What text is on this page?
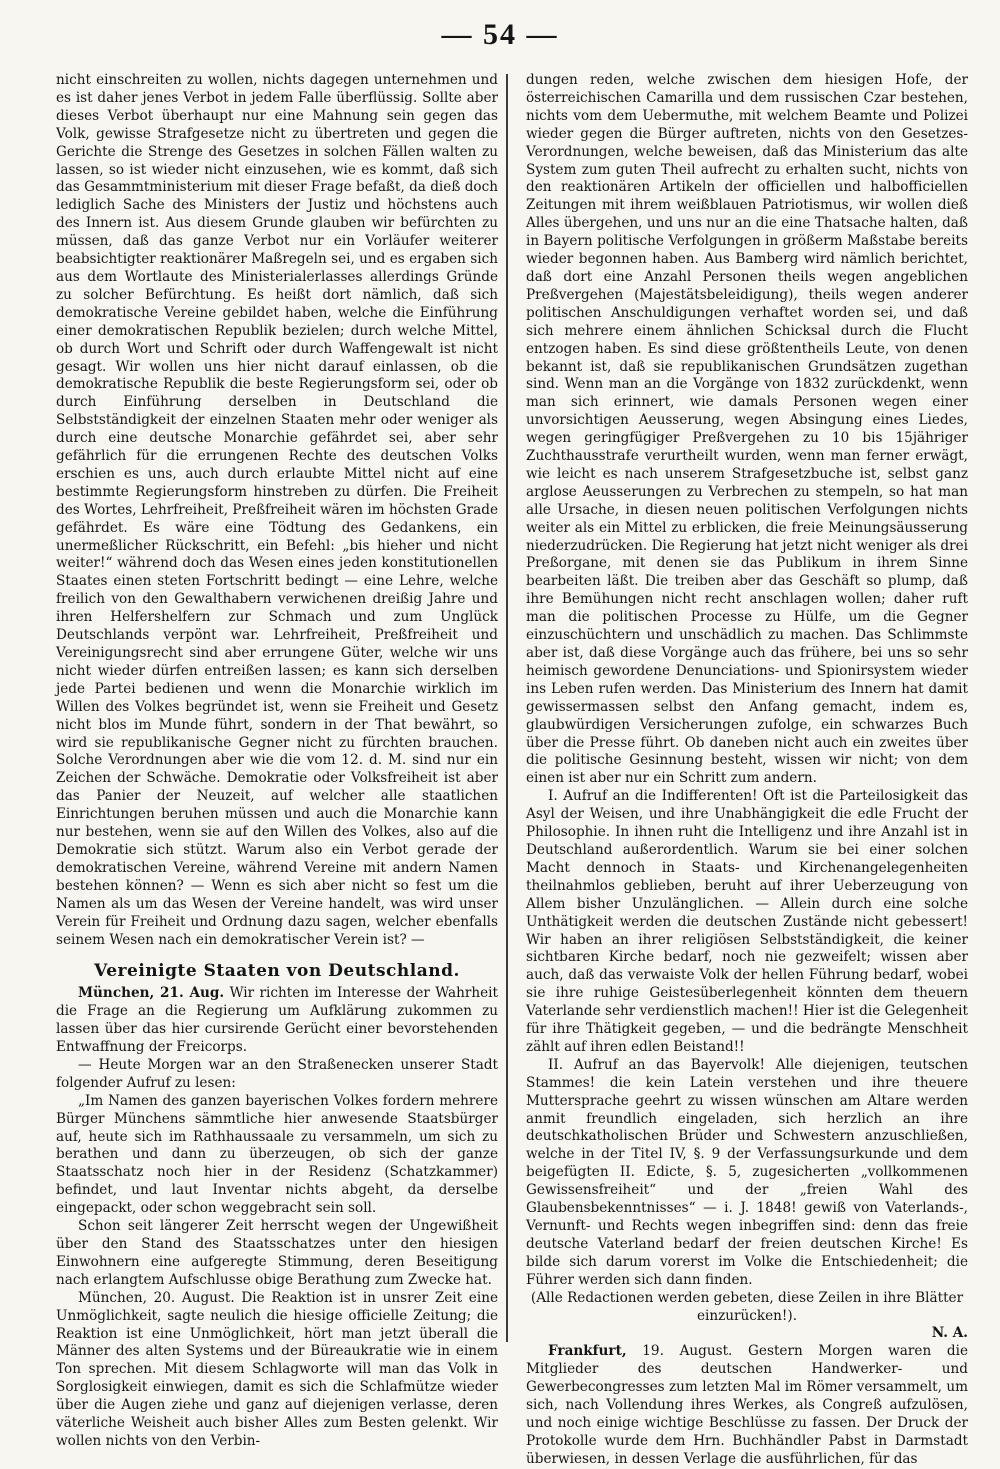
— 54 —

nicht einschreiten zu wollen, nichts dagegen unternehmen und es ist daher jenes Verbot in jedem Falle überflüssig. Sollte aber dieses Verbot überhaupt nur eine Mahnung sein gegen das Volk, gewisse Strafgesetze nicht zu übertreten und gegen die Gerichte die Strenge des Gesetzes in solchen Fällen walten zu lassen, so ist wieder nicht einzusehen, wie es kommt, daß sich das Gesammtministerium mit dieser Frage befaßt, da dieß doch lediglich Sache des Ministers der Justiz und höchstens auch des Innern ist. Aus diesem Grunde glauben wir befürchten zu müssen, daß das ganze Verbot nur ein Vorläufer weiterer beabsichtigter reaktionärer Maßregeln sei, und es ergaben sich aus dem Wortlaute des Ministerialerlasses allerdings Gründe zu solcher Befürchtung. Es heißt dort nämlich, daß sich demokratische Vereine gebildet haben, welche die Einführung einer demokratischen Republik bezielen; durch welche Mittel, ob durch Wort und Schrift oder durch Waffengewalt ist nicht gesagt. Wir wollen uns hier nicht darauf einlassen, ob die demokratische Republik die beste Regierungsform sei, oder ob durch Einführung derselben in Deutschland die Selbstständigkeit der einzelnen Staaten mehr oder weniger als durch eine deutsche Monarchie gefährdet sei, aber sehr gefährlich für die errungenen Rechte des deutschen Volks erschien es uns, auch durch erlaubte Mittel nicht auf eine bestimmte Regierungsform hinstreben zu dürfen. Die Freiheit des Wortes, Lehrfreiheit, Preßfreiheit wären im höchsten Grade gefährdet. Es wäre eine Tödtung des Gedankens, ein unermeßlicher Rückschritt, ein Befehl: „bis hieher und nicht weiter!“ während doch das Wesen eines jeden konstitutionellen Staates einen steten Fortschritt bedingt — eine Lehre, welche freilich von den Gewalthabern verwichenen dreißig Jahre und ihren Helfershelfern zur Schmach und zum Unglück Deutschlands verpönt war. Lehrfreiheit, Preßfreiheit und Vereinigungsrecht sind aber errungene Güter, welche wir uns nicht wieder dürfen entreißen lassen; es kann sich derselben jede Partei bedienen und wenn die Monarchie wirklich im Willen des Volkes begründet ist, wenn sie Freiheit und Gesetz nicht blos im Munde führt, sondern in der That bewährt, so wird sie republikanische Gegner nicht zu fürchten brauchen. Solche Verordnungen aber wie die vom 12. d. M. sind nur ein Zeichen der Schwäche. Demokratie oder Volksfreiheit ist aber das Panier der Neuzeit, auf welcher alle staatlichen Einrichtungen beruhen müssen und auch die Monarchie kann nur bestehen, wenn sie auf den Willen des Volkes, also auf die Demokratie sich stützt. Warum also ein Verbot gerade der demokratischen Vereine, während Vereine mit andern Namen bestehen können? — Wenn es sich aber nicht so fest um die Namen als um das Wesen der Vereine handelt, was wird unser Verein für Freiheit und Ordnung dazu sagen, welcher ebenfalls seinem Wesen nach ein demokratischer Verein ist? —

Vereinigte Staaten von Deutschland.

München, 21. Aug. Wir richten im Interesse der Wahrheit die Frage an die Regierung um Aufklärung zukommen zu lassen über das hier cursirende Gerücht einer bevorstehenden Entwaffnung der Freicorps.

— Heute Morgen war an den Straßenecken unserer Stadt folgender Aufruf zu lesen:

„Im Namen des ganzen bayerischen Volkes fordern mehrere Bürger Münchens sämmtliche hier anwesende Staatsbürger auf, heute sich im Rathhaussaale zu versammeln, um sich zu berathen und dann zu überzeugen, ob sich der ganze Staatsschatz noch hier in der Residenz (Schatzkammer) befindet, und laut Inventar nichts abgeht, da derselbe eingepackt, oder schon weggebracht sein soll.

Schon seit längerer Zeit herrscht wegen der Ungewißheit über den Stand des Staatsschatzes unter den hiesigen Einwohnern eine aufgeregte Stimmung, deren Beseitigung nach erlangtem Aufschlusse obige Berathung zum Zwecke hat.

München, 20. August. Die Reaktion ist in unsrer Zeit eine Unmöglichkeit, sagte neulich die hiesige officielle Zeitung; die Reaktion ist eine Unmöglichkeit, hört man jetzt überall die Männer des alten Systems und der Büreaukratie wie in einem Ton sprechen. Mit diesem Schlagworte will man das Volk in Sorglosigkeit einwiegen, damit es sich die Schlafmütze wieder über die Augen ziehe und ganz auf diejenigen verlasse, deren väterliche Weisheit auch bisher Alles zum Besten gelenkt. Wir wollen nichts von den Verbin-

dungen reden, welche zwischen dem hiesigen Hofe, der österreichischen Camarilla und dem russischen Czar bestehen, nichts vom dem Uebermuthe, mit welchem Beamte und Polizei wieder gegen die Bürger auftreten, nichts von den Gesetzes-Verordnungen, welche beweisen, daß das Ministerium das alte System zum guten Theil aufrecht zu erhalten sucht, nichts von den reaktionären Artikeln der officiellen und halbofficiellen Zeitungen mit ihrem weißblauen Patriotismus, wir wollen dieß Alles übergehen, und uns nur an die eine Thatsache halten, daß in Bayern politische Verfolgungen in größerm Maßstabe bereits wieder begonnen haben. Aus Bamberg wird nämlich berichtet, daß dort eine Anzahl Personen theils wegen angeblichen Preßvergehen (Majestätsbeleidigung), theils wegen anderer politischen Anschuldigungen verhaftet worden sei, und daß sich mehrere einem ähnlichen Schicksal durch die Flucht entzogen haben. Es sind diese größtentheils Leute, von denen bekannt ist, daß sie republikanischen Grundsätzen zugethan sind. Wenn man an die Vorgänge von 1832 zurückdenkt, wenn man sich erinnert, wie damals Personen wegen einer unvorsichtigen Aeusserung, wegen Absingung eines Liedes, wegen geringfügiger Preßvergehen zu 10 bis 15jähriger Zuchthausstrafe verurtheilt wurden, wenn man ferner erwägt, wie leicht es nach unserem Strafgesetzbuche ist, selbst ganz arglose Aeusserungen zu Verbrechen zu stempeln, so hat man alle Ursache, in diesen neuen politischen Verfolgungen nichts weiter als ein Mittel zu erblicken, die freie Meinungsäusserung niederzudrücken. Die Regierung hat jetzt nicht weniger als drei Preßorgane, mit denen sie das Publikum in ihrem Sinne bearbeiten läßt. Die treiben aber das Geschäft so plump, daß ihre Bemühungen nicht recht anschlagen wollen; daher ruft man die politischen Processe zu Hülfe, um die Gegner einzuschüchtern und unschädlich zu machen. Das Schlimmste aber ist, daß diese Vorgänge auch das frühere, bei uns so sehr heimisch gewordene Denunciations- und Spionirsystem wieder ins Leben rufen werden. Das Ministerium des Innern hat damit gewissermassen selbst den Anfang gemacht, indem es, glaubwürdigen Versicherungen zufolge, ein schwarzes Buch über die Presse führt. Ob daneben nicht auch ein zweites über die politische Gesinnung besteht, wissen wir nicht; von dem einen ist aber nur ein Schritt zum andern.

I. Aufruf an die Indifferenten! Oft ist die Parteilosigkeit das Asyl der Weisen, und ihre Unabhängigkeit die edle Frucht der Philosophie. In ihnen ruht die Intelligenz und ihre Anzahl ist in Deutschland außerordentlich. Warum sie bei einer solchen Macht dennoch in Staats- und Kirchenangelegenheiten theilnahmlos geblieben, beruht auf ihrer Ueberzeugung von Allem bisher Unzulänglichen. — Allein durch eine solche Unthätigkeit werden die deutschen Zustände nicht gebessert! Wir haben an ihrer religiösen Selbstständigkeit, die keiner sichtbaren Kirche bedarf, noch nie gezweifelt; wissen aber auch, daß das verwaiste Volk der hellen Führung bedarf, wobei sie ihre ruhige Geistesüberlegenheit könnten dem theuern Vaterlande sehr verdienstlich machen!! Hier ist die Gelegenheit für ihre Thätigkeit gegeben, — und die bedrängte Menschheit zählt auf ihren edlen Beistand!!

II. Aufruf an das Bayervolk! Alle diejenigen, teutschen Stammes! die kein Latein verstehen und ihre theuere Muttersprache geehrt zu wissen wünschen am Altare werden anmit freundlich eingeladen, sich herzlich an ihre deutschkatholischen Brüder und Schwestern anzuschließen, welche in der Titel IV, §. 9 der Verfassungsurkunde und dem beigefügten II. Edicte, §. 5, zugesicherten „vollkommenen Gewissensfreiheit“ und der „freien Wahl des Glaubensbekenntnisses“ — i. J. 1848! gewiß von Vaterlands-, Vernunft- und Rechts wegen inbegriffen sind: denn das freie deutsche Vaterland bedarf der freien deutschen Kirche! Es bilde sich darum vorerst im Volke die Entschiedenheit; die Führer werden sich dann finden.

(Alle Redactionen werden gebeten, diese Zeilen in ihre Blätter einzurücken!).

N. A.

Frankfurt, 19. August. Gestern Morgen waren die Mitglieder des deutschen Handwerker- und Gewerbecongresses zum letzten Mal im Römer versammelt, um sich, nach Vollendung ihres Werkes, als Congreß aufzulösen, und noch einige wichtige Beschlüsse zu fassen. Der Druck der Protokolle wurde dem Hrn. Buchhändler Pabst in Darmstadt überwiesen, in dessen Verlage die ausführlichen, für das
